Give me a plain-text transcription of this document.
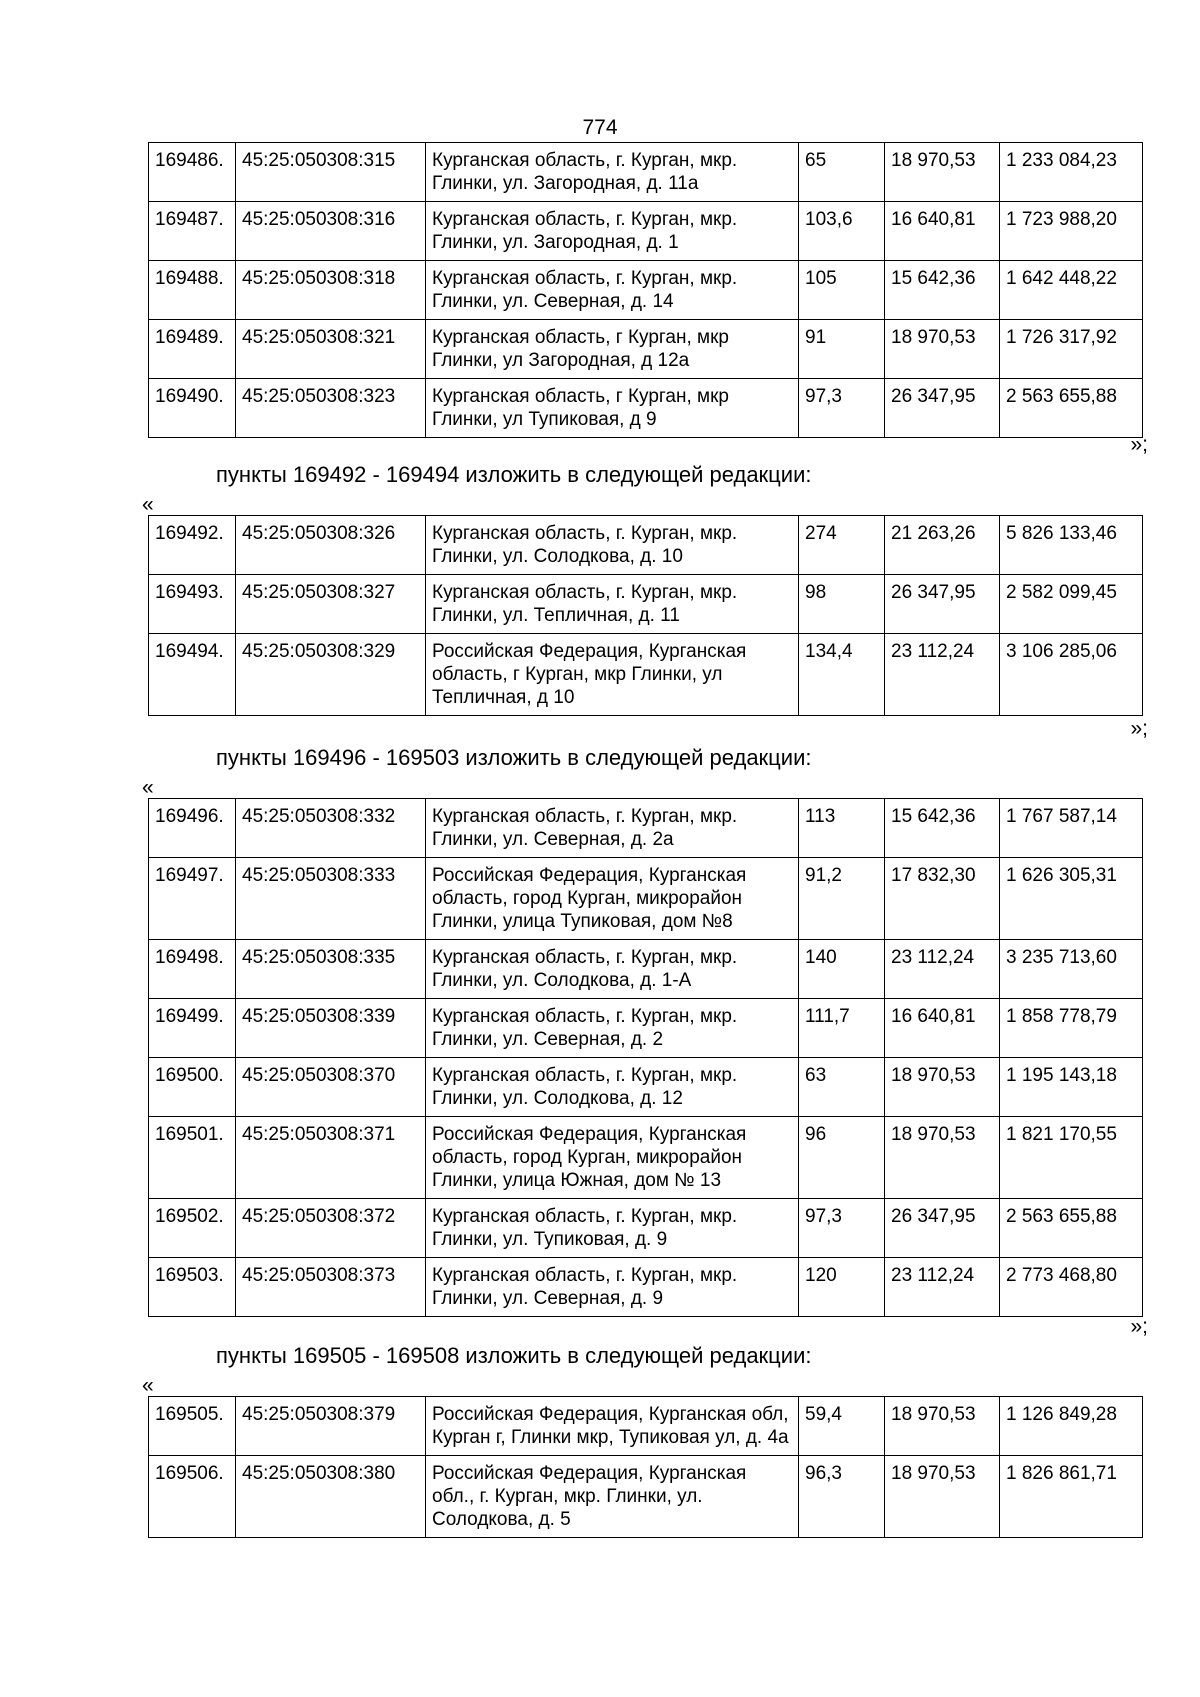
774
169486.	45:25:050308:315	Курганская область, г. Курган, мкр. Глинки, ул. Загородная, д. 11а	65	18 970,53	1 233 084,23
169487.	45:25:050308:316	Курганская область, г. Курган, мкр. Глинки, ул. Загородная, д. 1	103,6	16 640,81	1 723 988,20
169488.	45:25:050308:318	Курганская область, г. Курган, мкр. Глинки, ул. Северная, д. 14	105	15 642,36	1 642 448,22
169489.	45:25:050308:321	Курганская область, г Курган, мкр Глинки, ул Загородная, д 12а	91	18 970,53	1 726 317,92
169490.	45:25:050308:323	Курганская область, г Курган, мкр Глинки, ул Тупиковая, д 9	97,3	26 347,95	2 563 655,88
»;
пункты 169492 - 169494 изложить в следующей редакции:
«
169492.	45:25:050308:326	Курганская область, г. Курган, мкр. Глинки, ул. Солодкова, д. 10	274	21 263,26	5 826 133,46
169493.	45:25:050308:327	Курганская область, г. Курган, мкр. Глинки, ул. Тепличная, д. 11	98	26 347,95	2 582 099,45
169494.	45:25:050308:329	Российская Федерация, Курганская область, г Курган, мкр Глинки, ул Тепличная, д 10	134,4	23 112,24	3 106 285,06
»;
пункты 169496 - 169503 изложить в следующей редакции:
«
169496.	45:25:050308:332	Курганская область, г. Курган, мкр. Глинки, ул. Северная, д. 2а	113	15 642,36	1 767 587,14
169497.	45:25:050308:333	Российская Федерация, Курганская область, город Курган, микрорайон Глинки, улица Тупиковая, дом №8	91,2	17 832,30	1 626 305,31
169498.	45:25:050308:335	Курганская область, г. Курган, мкр. Глинки, ул. Солодкова, д. 1-А	140	23 112,24	3 235 713,60
169499.	45:25:050308:339	Курганская область, г. Курган, мкр. Глинки, ул. Северная, д. 2	111,7	16 640,81	1 858 778,79
169500.	45:25:050308:370	Курганская область, г. Курган, мкр. Глинки, ул. Солодкова, д. 12	63	18 970,53	1 195 143,18
169501.	45:25:050308:371	Российская Федерация, Курганская область, город Курган, микрорайон Глинки, улица Южная, дом № 13	96	18 970,53	1 821 170,55
169502.	45:25:050308:372	Курганская область, г. Курган, мкр. Глинки, ул. Тупиковая, д. 9	97,3	26 347,95	2 563 655,88
169503.	45:25:050308:373	Курганская область, г. Курган, мкр. Глинки, ул. Северная, д. 9	120	23 112,24	2 773 468,80
»;
пункты 169505 - 169508 изложить в следующей редакции:
«
169505.	45:25:050308:379	Российская Федерация, Курганская обл, Курган г, Глинки мкр, Тупиковая ул, д. 4а	59,4	18 970,53	1 126 849,28
169506.	45:25:050308:380	Российская Федерация, Курганская обл., г. Курган, мкр. Глинки, ул. Солодкова, д. 5	96,3	18 970,53	1 826 861,71
